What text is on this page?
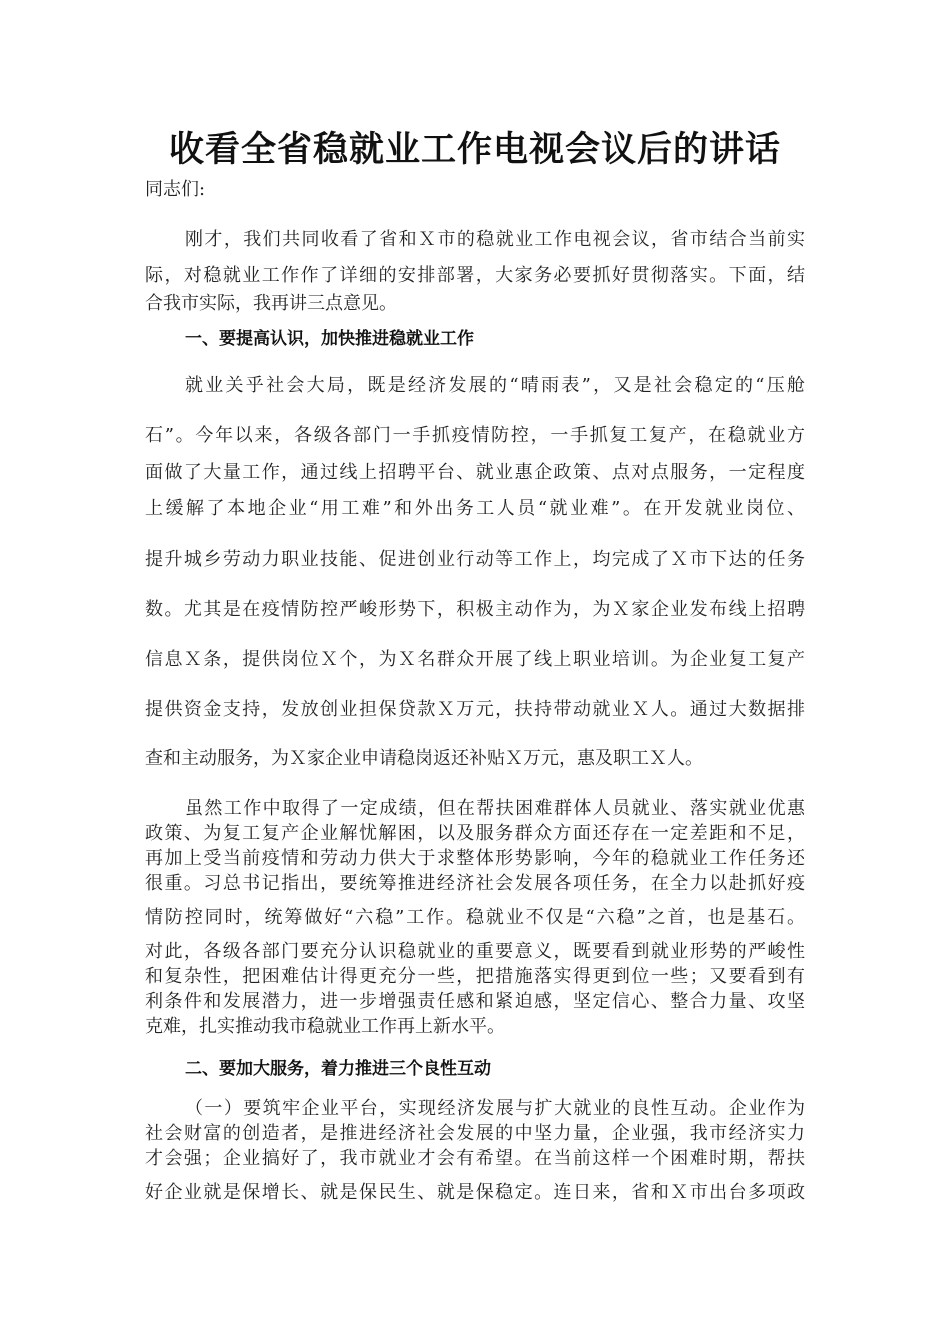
收看全省稳就业工作电视会议后的讲话
同志们:
刚才，我们共同收看了省和Ｘ市的稳就业工作电视会议，省市结合当前实
际，对稳就业工作作了详细的安排部署，大家务必要抓好贯彻落实。下面，结
合我市实际，我再讲三点意见。
一、要提高认识，加快推进稳就业工作
就业关乎社会大局，既是经济发展的“晴雨表”，又是社会稳定的“压舱
石”。今年以来，各级各部门一手抓疫情防控，一手抓复工复产，在稳就业方
面做了大量工作，通过线上招聘平台、就业惠企政策、点对点服务，一定程度
上缓解了本地企业“用工难”和外出务工人员“就业难”。在开发就业岗位、
提升城乡劳动力职业技能、促进创业行动等工作上，均完成了Ｘ市下达的任务
数。尤其是在疫情防控严峻形势下，积极主动作为，为Ｘ家企业发布线上招聘
信息Ｘ条，提供岗位Ｘ个，为Ｘ名群众开展了线上职业培训。为企业复工复产
提供资金支持，发放创业担保贷款Ｘ万元，扶持带动就业Ｘ人。通过大数据排
查和主动服务，为Ｘ家企业申请稳岗返还补贴Ｘ万元，惠及职工Ｘ人。
虽然工作中取得了一定成绩，但在帮扶困难群体人员就业、落实就业优惠
政策、为复工复产企业解忧解困，以及服务群众方面还存在一定差距和不足，
再加上受当前疫情和劳动力供大于求整体形势影响，今年的稳就业工作任务还
很重。习总书记指出，要统筹推进经济社会发展各项任务，在全力以赴抓好疫
情防控同时，统筹做好“六稳”工作。稳就业不仅是“六稳”之首，也是基石。
对此，各级各部门要充分认识稳就业的重要意义，既要看到就业形势的严峻性
和复杂性，把困难估计得更充分一些，把措施落实得更到位一些；又要看到有
利条件和发展潜力，进一步增强责任感和紧迫感，坚定信心、整合力量、攻坚
克难，扎实推动我市稳就业工作再上新水平。
二、要加大服务，着力推进三个良性互动
（一）要筑牢企业平台，实现经济发展与扩大就业的良性互动。企业作为
社会财富的创造者，是推进经济社会发展的中坚力量，企业强，我市经济实力
才会强；企业搞好了，我市就业才会有希望。在当前这样一个困难时期，帮扶
好企业就是保增长、就是保民生、就是保稳定。连日来，省和Ｘ市出台多项政
